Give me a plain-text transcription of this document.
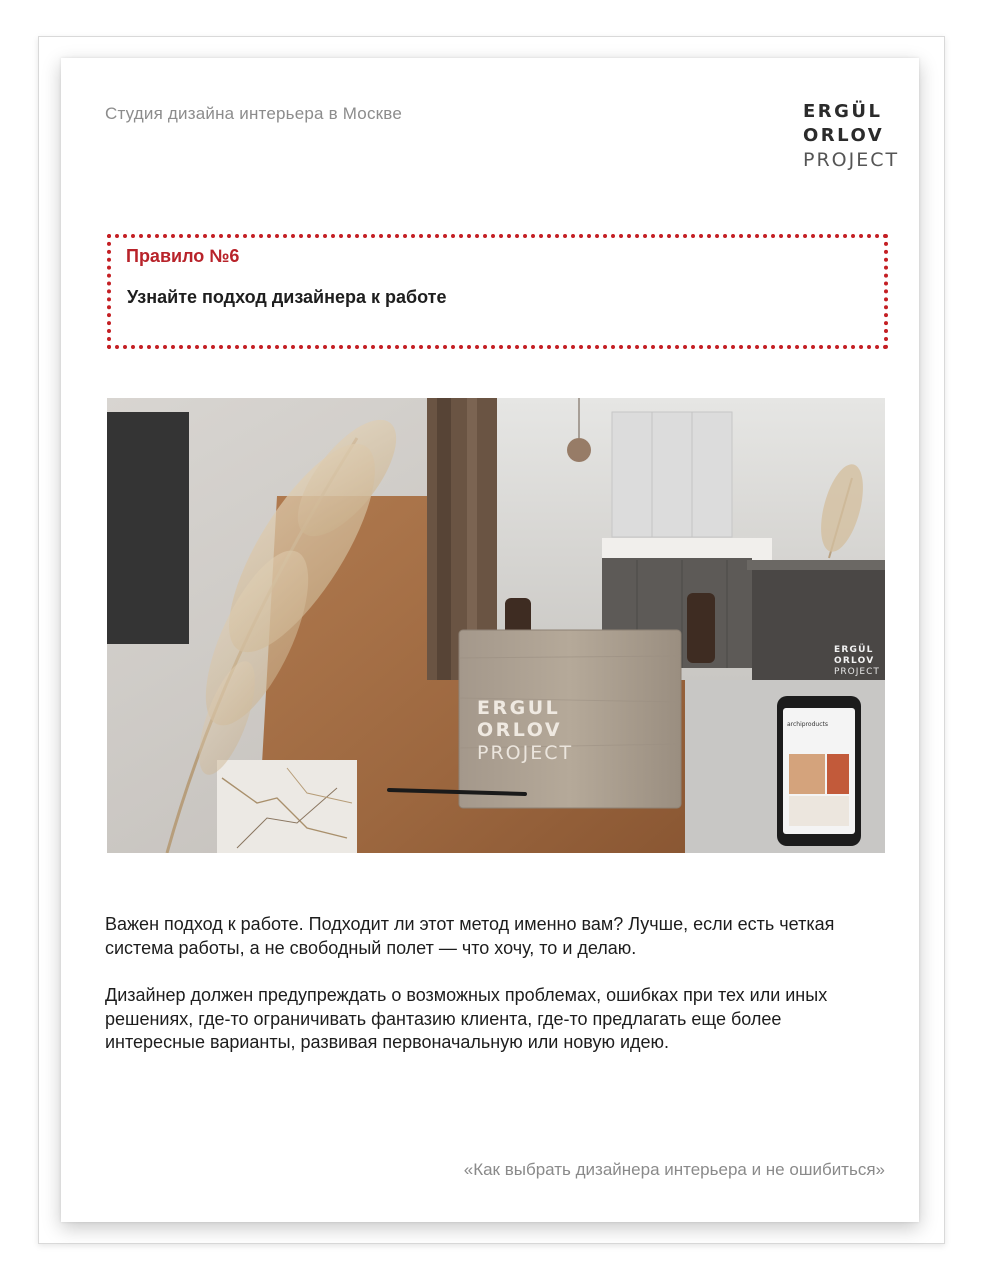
Студия дизайна интерьера в Москве	ERGÜL
ORLOV
PROJECT
Правило №6
Узнайте подход дизайнера к работе
ERGÜL
ORLOV
PROJECT
archiproducts
ERGUL
ORLOV
PROJECT
Важен подход к работе. Подходит ли этот метод именно вам? Лучше, если есть четкая система работы, а не свободный полет — что хочу, то и делаю.
Дизайнер должен предупреждать о возможных проблемах, ошибках при тех или иных решениях, где-то ограничивать фантазию клиента, где-то предлагать еще более интересные варианты, развивая первоначальную или новую идею.
«Как выбрать дизайнера интерьера и не ошибиться»
